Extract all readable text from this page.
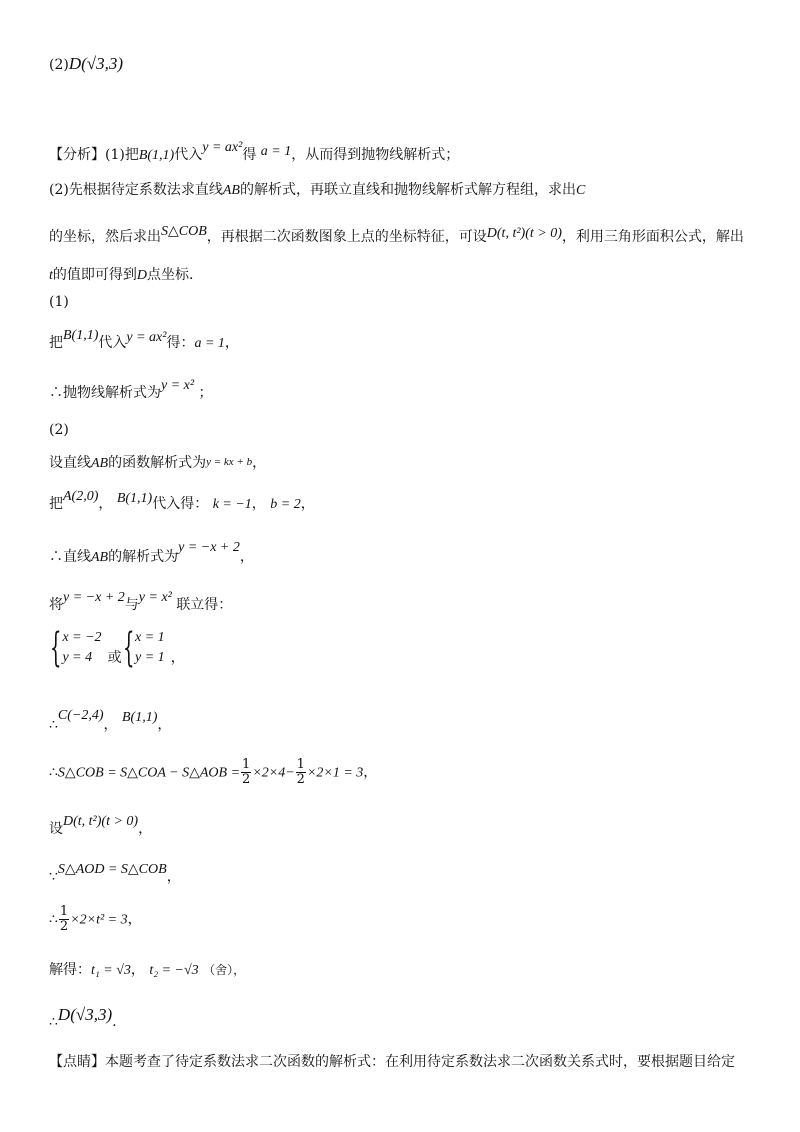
(2)D(√3,3)
【分析】(1)把B(1,1)代入y = ax²得 a = 1，从而得到抛物线解析式；
(2)先根据待定系数法求直线AB的解析式，再联立直线和抛物线解析式解方程组，求出C
的坐标，然后求出S△COB，再根据二次函数图象上点的坐标特征，可设D(t, t²)(t > 0)，利用三角形面积公式，解出
t的值即可得到D点坐标.
(1)
把B(1,1)代入y = ax²得：a = 1，
∴抛物线解析式为y = x² ；
(2)
设直线AB的函数解析式为y = kx + b，
把A(2,0)， B(1,1)代入得： k = −1， b = 2，
∴直线AB的解析式为y = −x + 2，
将y = −x + 2与y = x² 联立得：
{ x = −2
y = 4	或{ x = 1
y = 1 ，
∴C(−2,4)， B(1,1)，
∴S△COB = S△COA − S△AOB = $\frac{1}{2} \times 2\times 4- \frac{1}{2} \times 2\times 1 = 3$，
设D(t, t²)(t > 0)，
∵S△AOD = S△COB，
∴ $\frac{1}{2} \times 2\times t^2 = 3$，
解得：t₁ = √3， t₂ = −√3 （舍），
∴D(√3,3).
【点睛】本题考查了待定系数法求二次函数的解析式：在利用待定系数法求二次函数关系式时，要根据题目给定
